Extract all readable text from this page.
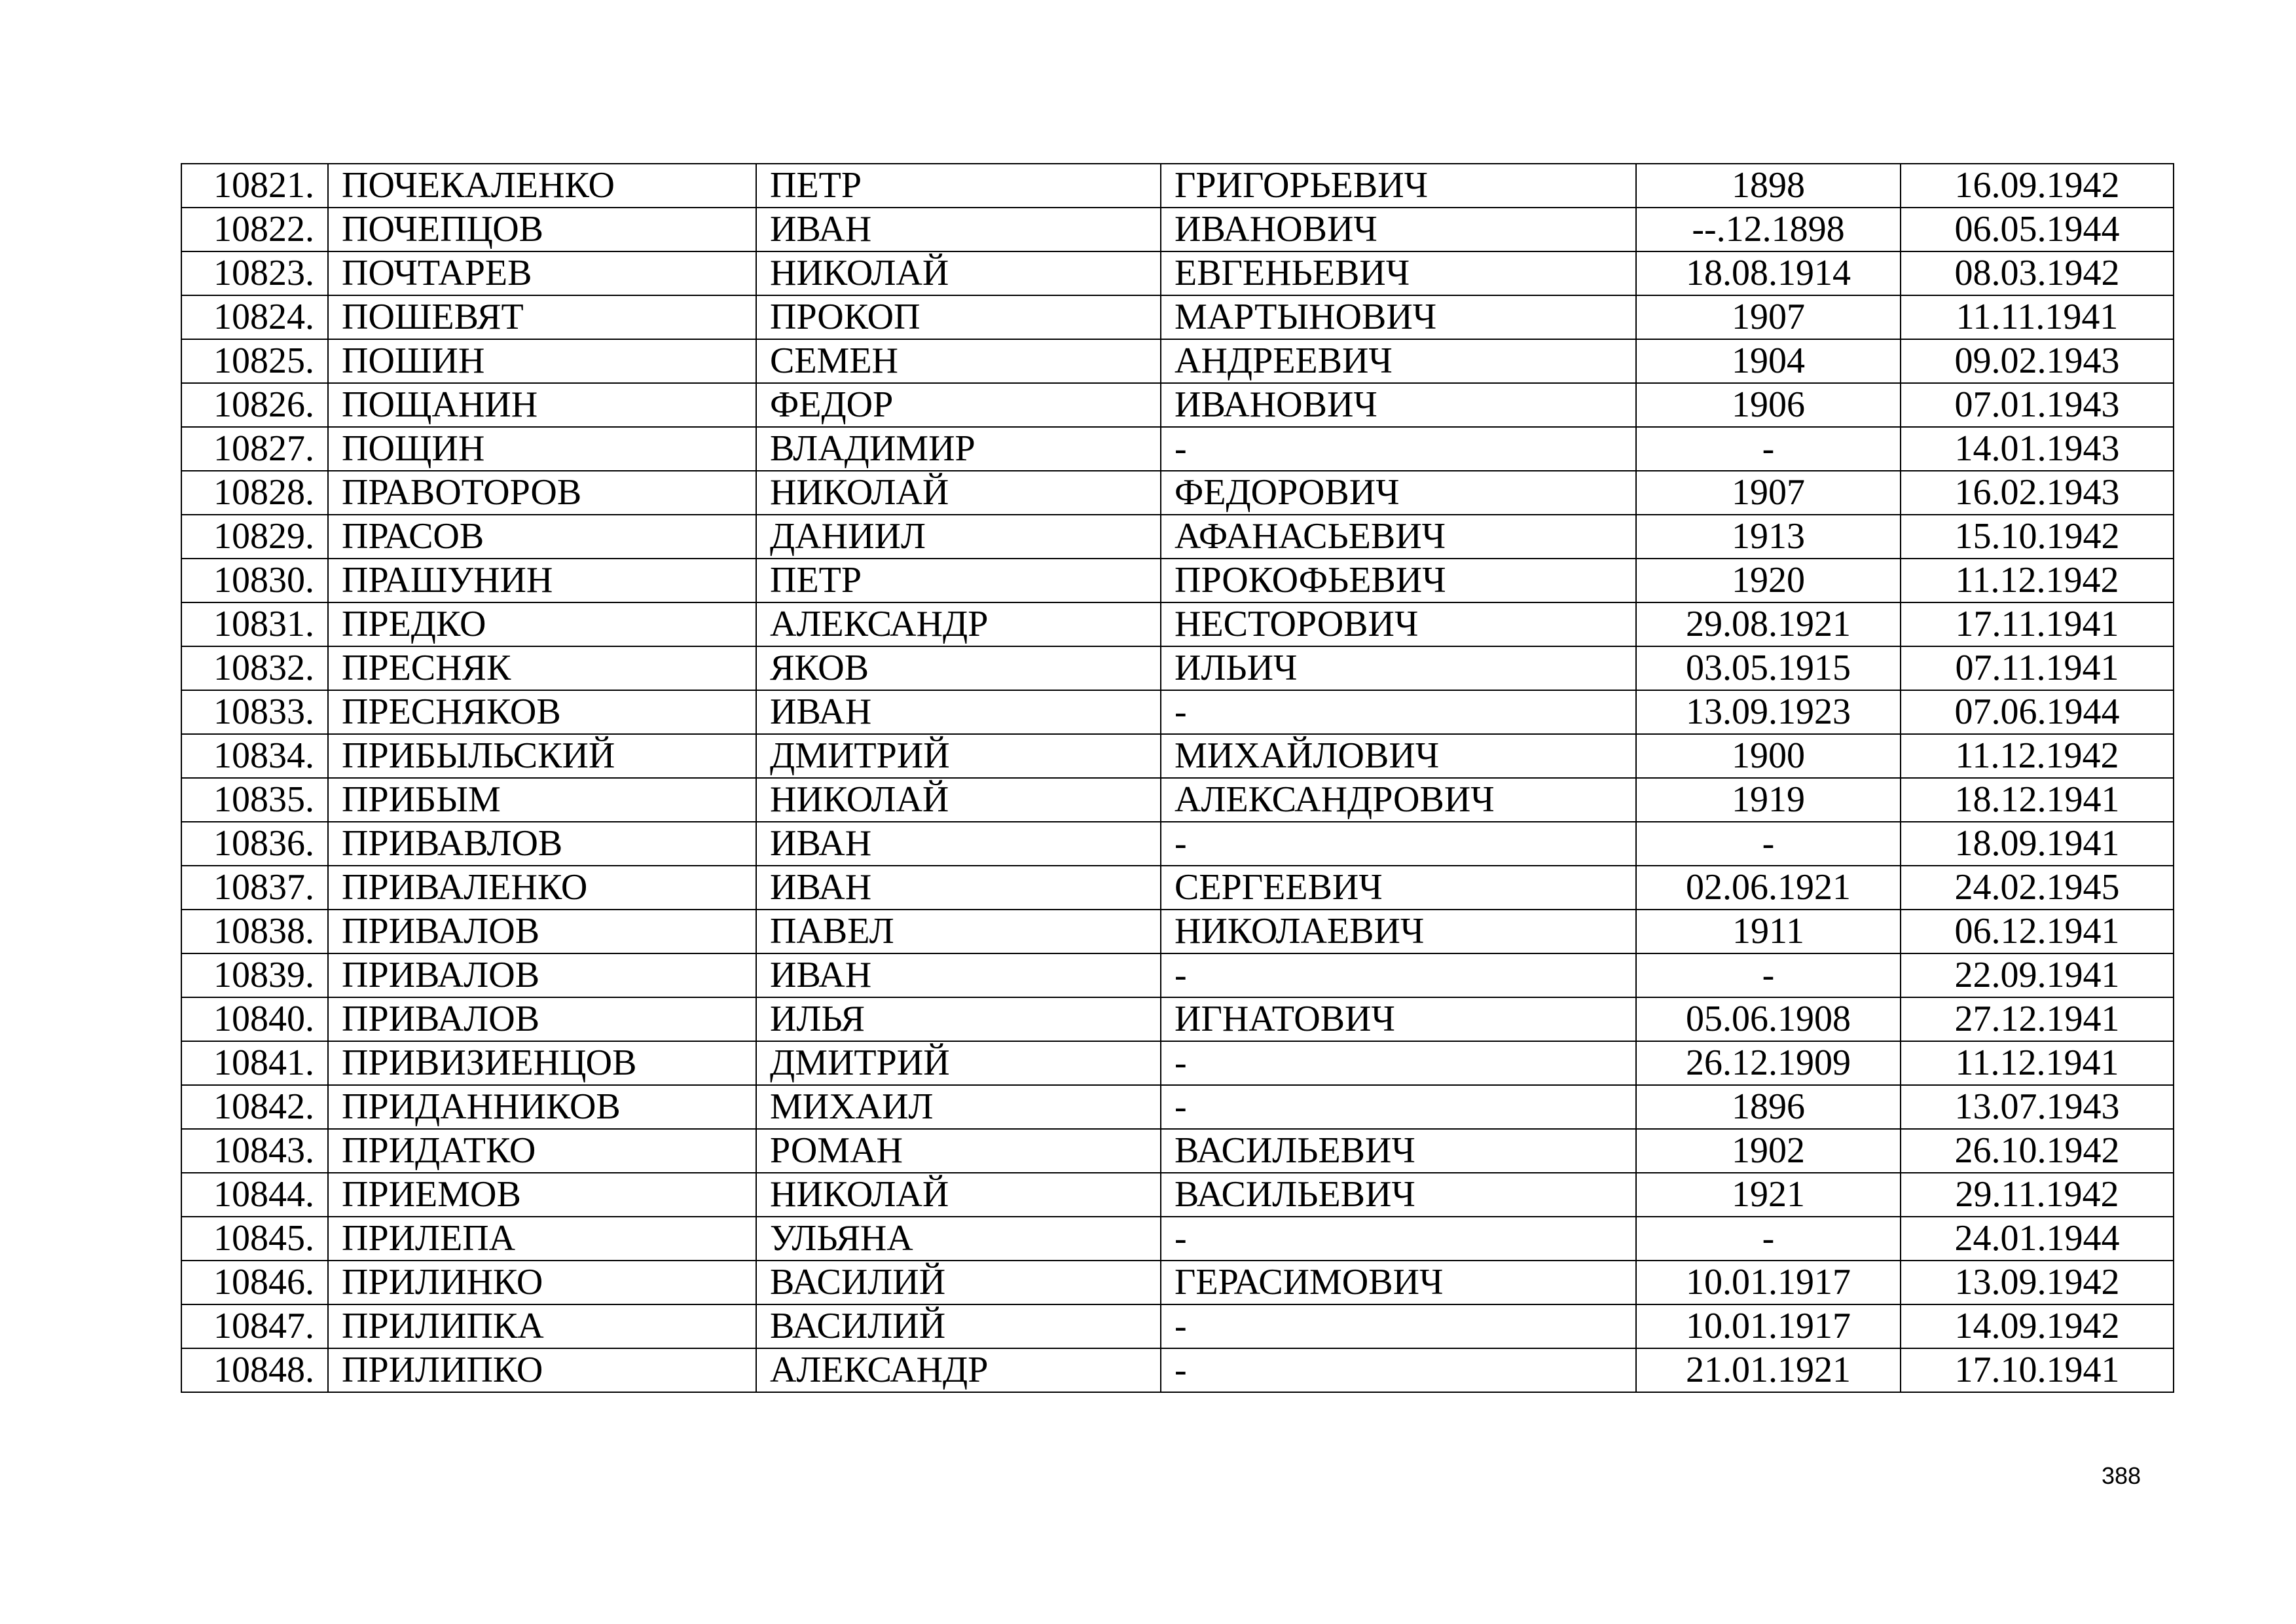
10821.	ПОЧЕКАЛЕНКО	ПЕТР	ГРИГОРЬЕВИЧ	1898	16.09.1942
10822.	ПОЧЕПЦОВ	ИВАН	ИВАНОВИЧ	--.12.1898	06.05.1944
10823.	ПОЧТАРЕВ	НИКОЛАЙ	ЕВГЕНЬЕВИЧ	18.08.1914	08.03.1942
10824.	ПОШЕВЯТ	ПРОКОП	МАРТЫНОВИЧ	1907	11.11.1941
10825.	ПОШИН	СЕМЕН	АНДРЕЕВИЧ	1904	09.02.1943
10826.	ПОЩАНИН	ФЕДОР	ИВАНОВИЧ	1906	07.01.1943
10827.	ПОЩИН	ВЛАДИМИР	-	-	14.01.1943
10828.	ПРАВОТОРОВ	НИКОЛАЙ	ФЕДОРОВИЧ	1907	16.02.1943
10829.	ПРАСОВ	ДАНИИЛ	АФАНАСЬЕВИЧ	1913	15.10.1942
10830.	ПРАШУНИН	ПЕТР	ПРОКОФЬЕВИЧ	1920	11.12.1942
10831.	ПРЕДКО	АЛЕКСАНДР	НЕСТОРОВИЧ	29.08.1921	17.11.1941
10832.	ПРЕСНЯК	ЯКОВ	ИЛЬИЧ	03.05.1915	07.11.1941
10833.	ПРЕСНЯКОВ	ИВАН	-	13.09.1923	07.06.1944
10834.	ПРИБЫЛЬСКИЙ	ДМИТРИЙ	МИХАЙЛОВИЧ	1900	11.12.1942
10835.	ПРИБЫМ	НИКОЛАЙ	АЛЕКСАНДРОВИЧ	1919	18.12.1941
10836.	ПРИВАВЛОВ	ИВАН	-	-	18.09.1941
10837.	ПРИВАЛЕНКО	ИВАН	СЕРГЕЕВИЧ	02.06.1921	24.02.1945
10838.	ПРИВАЛОВ	ПАВЕЛ	НИКОЛАЕВИЧ	1911	06.12.1941
10839.	ПРИВАЛОВ	ИВАН	-	-	22.09.1941
10840.	ПРИВАЛОВ	ИЛЬЯ	ИГНАТОВИЧ	05.06.1908	27.12.1941
10841.	ПРИВИЗИЕНЦОВ	ДМИТРИЙ	-	26.12.1909	11.12.1941
10842.	ПРИДАННИКОВ	МИХАИЛ	-	1896	13.07.1943
10843.	ПРИДАТКО	РОМАН	ВАСИЛЬЕВИЧ	1902	26.10.1942
10844.	ПРИЕМОВ	НИКОЛАЙ	ВАСИЛЬЕВИЧ	1921	29.11.1942
10845.	ПРИЛЕПА	УЛЬЯНА	-	-	24.01.1944
10846.	ПРИЛИНКО	ВАСИЛИЙ	ГЕРАСИМОВИЧ	10.01.1917	13.09.1942
10847.	ПРИЛИПКА	ВАСИЛИЙ	-	10.01.1917	14.09.1942
10848.	ПРИЛИПКО	АЛЕКСАНДР	-	21.01.1921	17.10.1941
388
